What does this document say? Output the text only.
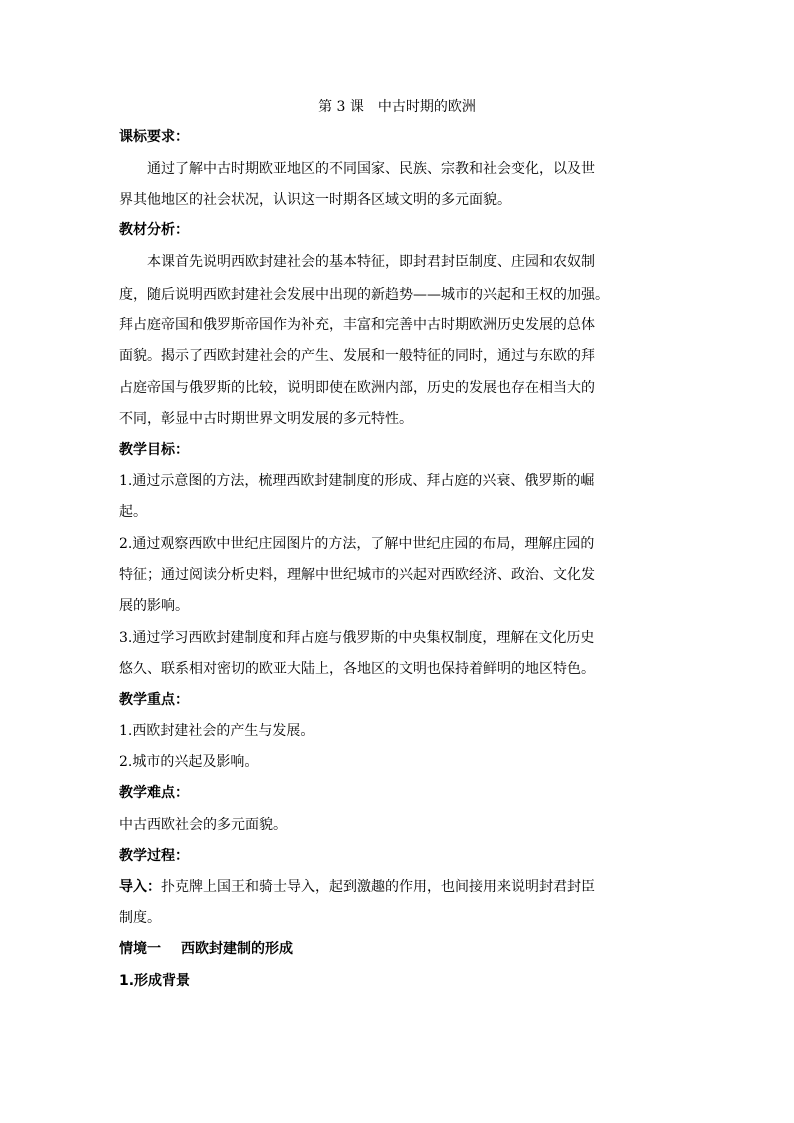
第 3 课　中古时期的欧洲
课标要求：
通过了解中古时期欧亚地区的不同国家、民族、宗教和社会变化，以及世
界其他地区的社会状况，认识这一时期各区域文明的多元面貌。
教材分析：
本课首先说明西欧封建社会的基本特征，即封君封臣制度、庄园和农奴制
度，随后说明西欧封建社会发展中出现的新趋势——城市的兴起和王权的加强。
拜占庭帝国和俄罗斯帝国作为补充，丰富和完善中古时期欧洲历史发展的总体
面貌。揭示了西欧封建社会的产生、发展和一般特征的同时，通过与东欧的拜
占庭帝国与俄罗斯的比较，说明即使在欧洲内部，历史的发展也存在相当大的
不同，彰显中古时期世界文明发展的多元特性。
教学目标：
1.通过示意图的方法，梳理西欧封建制度的形成、拜占庭的兴衰、俄罗斯的崛
起。
2.通过观察西欧中世纪庄园图片的方法，了解中世纪庄园的布局，理解庄园的
特征；通过阅读分析史料，理解中世纪城市的兴起对西欧经济、政治、文化发
展的影响。
3.通过学习西欧封建制度和拜占庭与俄罗斯的中央集权制度，理解在文化历史
悠久、联系相对密切的欧亚大陆上，各地区的文明也保持着鲜明的地区特色。
教学重点：
1.西欧封建社会的产生与发展。
2.城市的兴起及影响。
教学难点：
中古西欧社会的多元面貌。
教学过程：
导入：扑克牌上国王和骑士导入，起到激趣的作用，也间接用来说明封君封臣
制度。
情境一 西欧封建制的形成
1.形成背景
